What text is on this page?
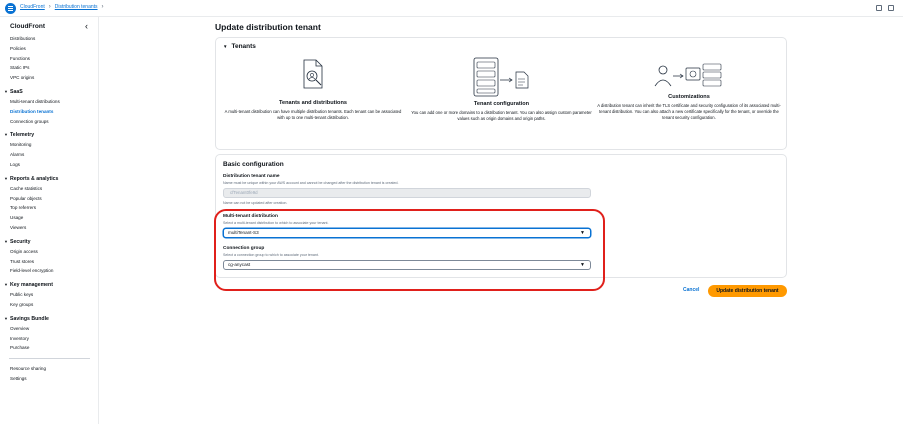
CloudFront › Distribution tenants ›
CloudFront	‹
Distributions
Policies
Functions
Static IPs
VPC origins
▼ SaaS
Multi-tenant distributions
Distribution tenants
Connection groups
▼ Telemetry
Monitoring
Alarms
Logs
▼ Reports & analytics
Cache statistics
Popular objects
Top referrers
Usage
Viewers
▼ Security
Origin access
Trust stores
Field-level encryption
▼ Key management
Public keys
Key groups
▼ Savings Bundle
Overview
Inventory
Purchase
Resource sharing
Settings
Update distribution tenant
▼ Tenants
Tenants and distributions
A multi-tenant distribution can have multiple distribution tenants. Each tenant can be associated with up to one multi-tenant distribution.
Tenant configuration
You can add one or more domains to a distribution tenant. You can also assign custom parameter values such as origin domains and origin paths.
Customizations
A distribution tenant can inherit the TLS certificate and security configuration of its associated multi-tenant distribution. You can also attach a new certificate specifically for the tenant, or override the tenant security configuration.
Basic configuration
Distribution tenant name
Name must be unique within your AWS account and cannot be changed after the distribution tenant is created.
cfTenant0fe9d
Name can not be updated after creation.
Multi-tenant distribution
Select a multi-tenant distribution to which to associate your tenant.
multiTenant-S3	▼
Connection group
Select a connection group to which to associate your tenant.
cg-anycast	▼
Cancel	Update distribution tenant
